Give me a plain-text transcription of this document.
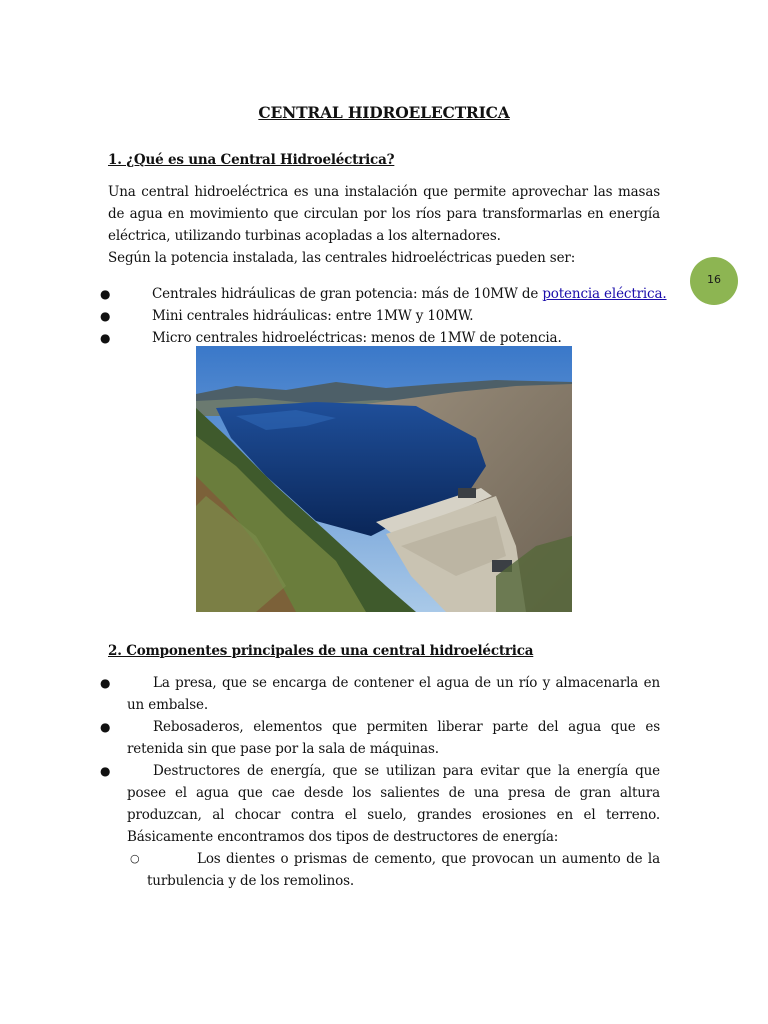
CENTRAL HIDROELECTRICA
16
1. ¿Qué es una Central Hidroeléctrica?
Una central hidroeléctrica es una instalación que permite aprovechar las masas de agua en movimiento que circulan por los ríos para transformarlas en energía eléctrica, utilizando turbinas acopladas a los alternadores.
Según la potencia instalada, las centrales hidroeléctricas pueden ser:
●	Centrales hidráulicas de gran potencia: más de 10MW de potencia eléctrica.
●	Mini centrales hidráulicas: entre 1MW y 10MW.
●	Micro centrales hidroeléctricas: menos de 1MW de potencia.
2. Componentes principales de una central hidroeléctrica
●	La presa, que se encarga de contener el agua de un río y almacenarla en un embalse.
●	Rebosaderos, elementos que permiten liberar parte del agua que es retenida sin que pase por la sala de máquinas.
●	Destructores de energía, que se utilizan para evitar que la energía que posee el agua que cae desde los salientes de una presa de gran altura produzcan, al chocar contra el suelo, grandes erosiones en el terreno. Básicamente encontramos dos tipos de destructores de energía:
○	Los dientes o prismas de cemento, que provocan un aumento de la turbulencia y de los remolinos.
